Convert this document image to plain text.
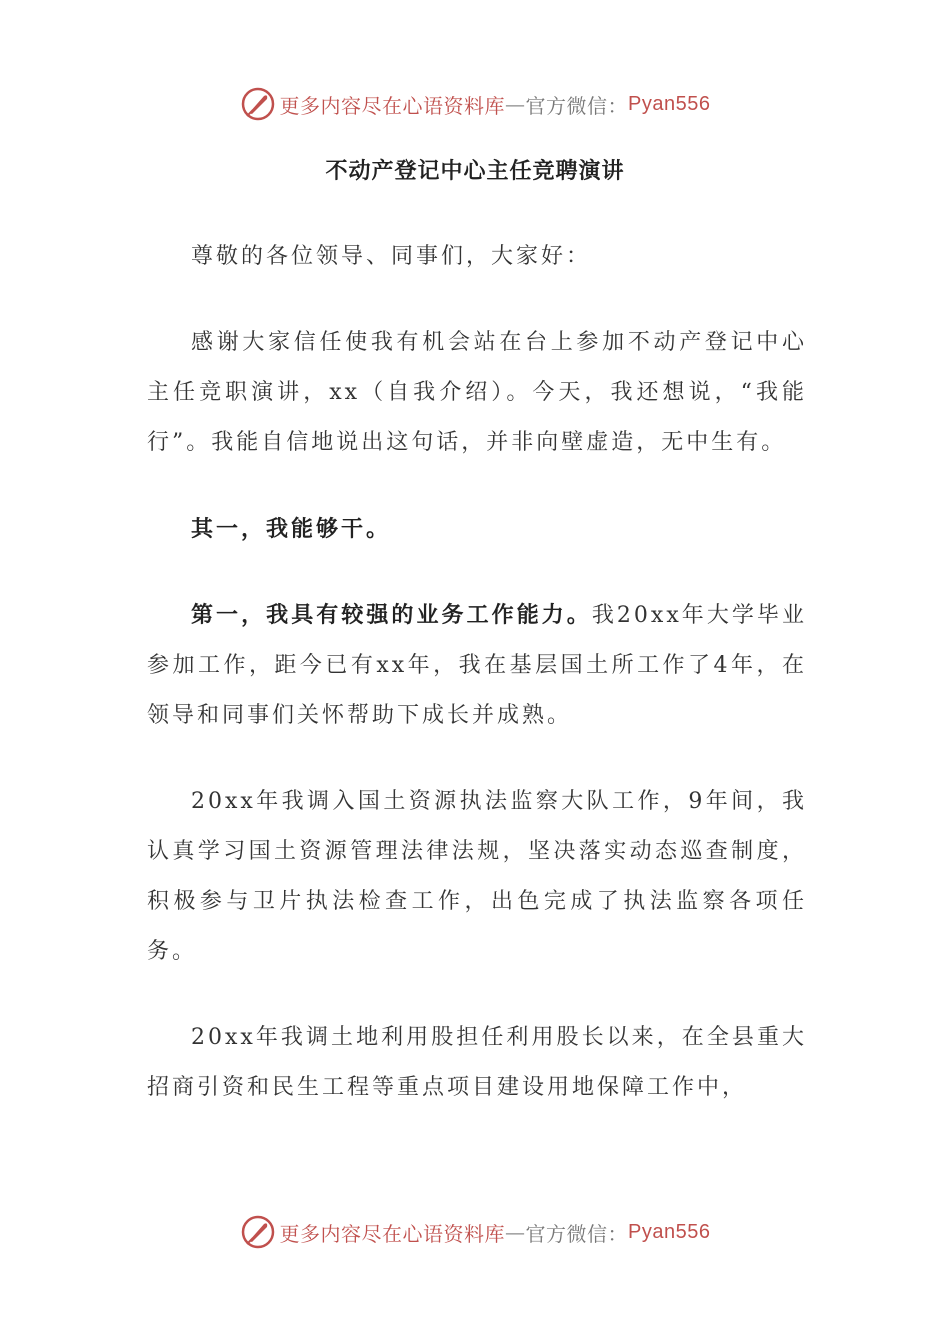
更多内容尽在心语资料库 — 官方微信： Pyan556
不动产登记中心主任竞聘演讲

尊敬的各位领导、同事们，大家好：

感谢大家信任使我有机会站在台上参加不动产登记中心主任竞职演讲，xx（自我介绍）。今天，我还想说，“我能行”。我能自信地说出这句话，并非向壁虚造，无中生有。

其一，我能够干。

第一，我具有较强的业务工作能力。我20xx年大学毕业参加工作，距今已有xx年，我在基层国土所工作了4年，在领导和同事们关怀帮助下成长并成熟。

20xx年我调入国土资源执法监察大队工作，9年间，我认真学习国土资源管理法律法规，坚决落实动态巡查制度，积极参与卫片执法检查工作，出色完成了执法监察各项任务。

20xx年我调土地利用股担任利用股长以来，在全县重大招商引资和民生工程等重点项目建设用地保障工作中，

更多内容尽在心语资料库 — 官方微信： Pyan556
